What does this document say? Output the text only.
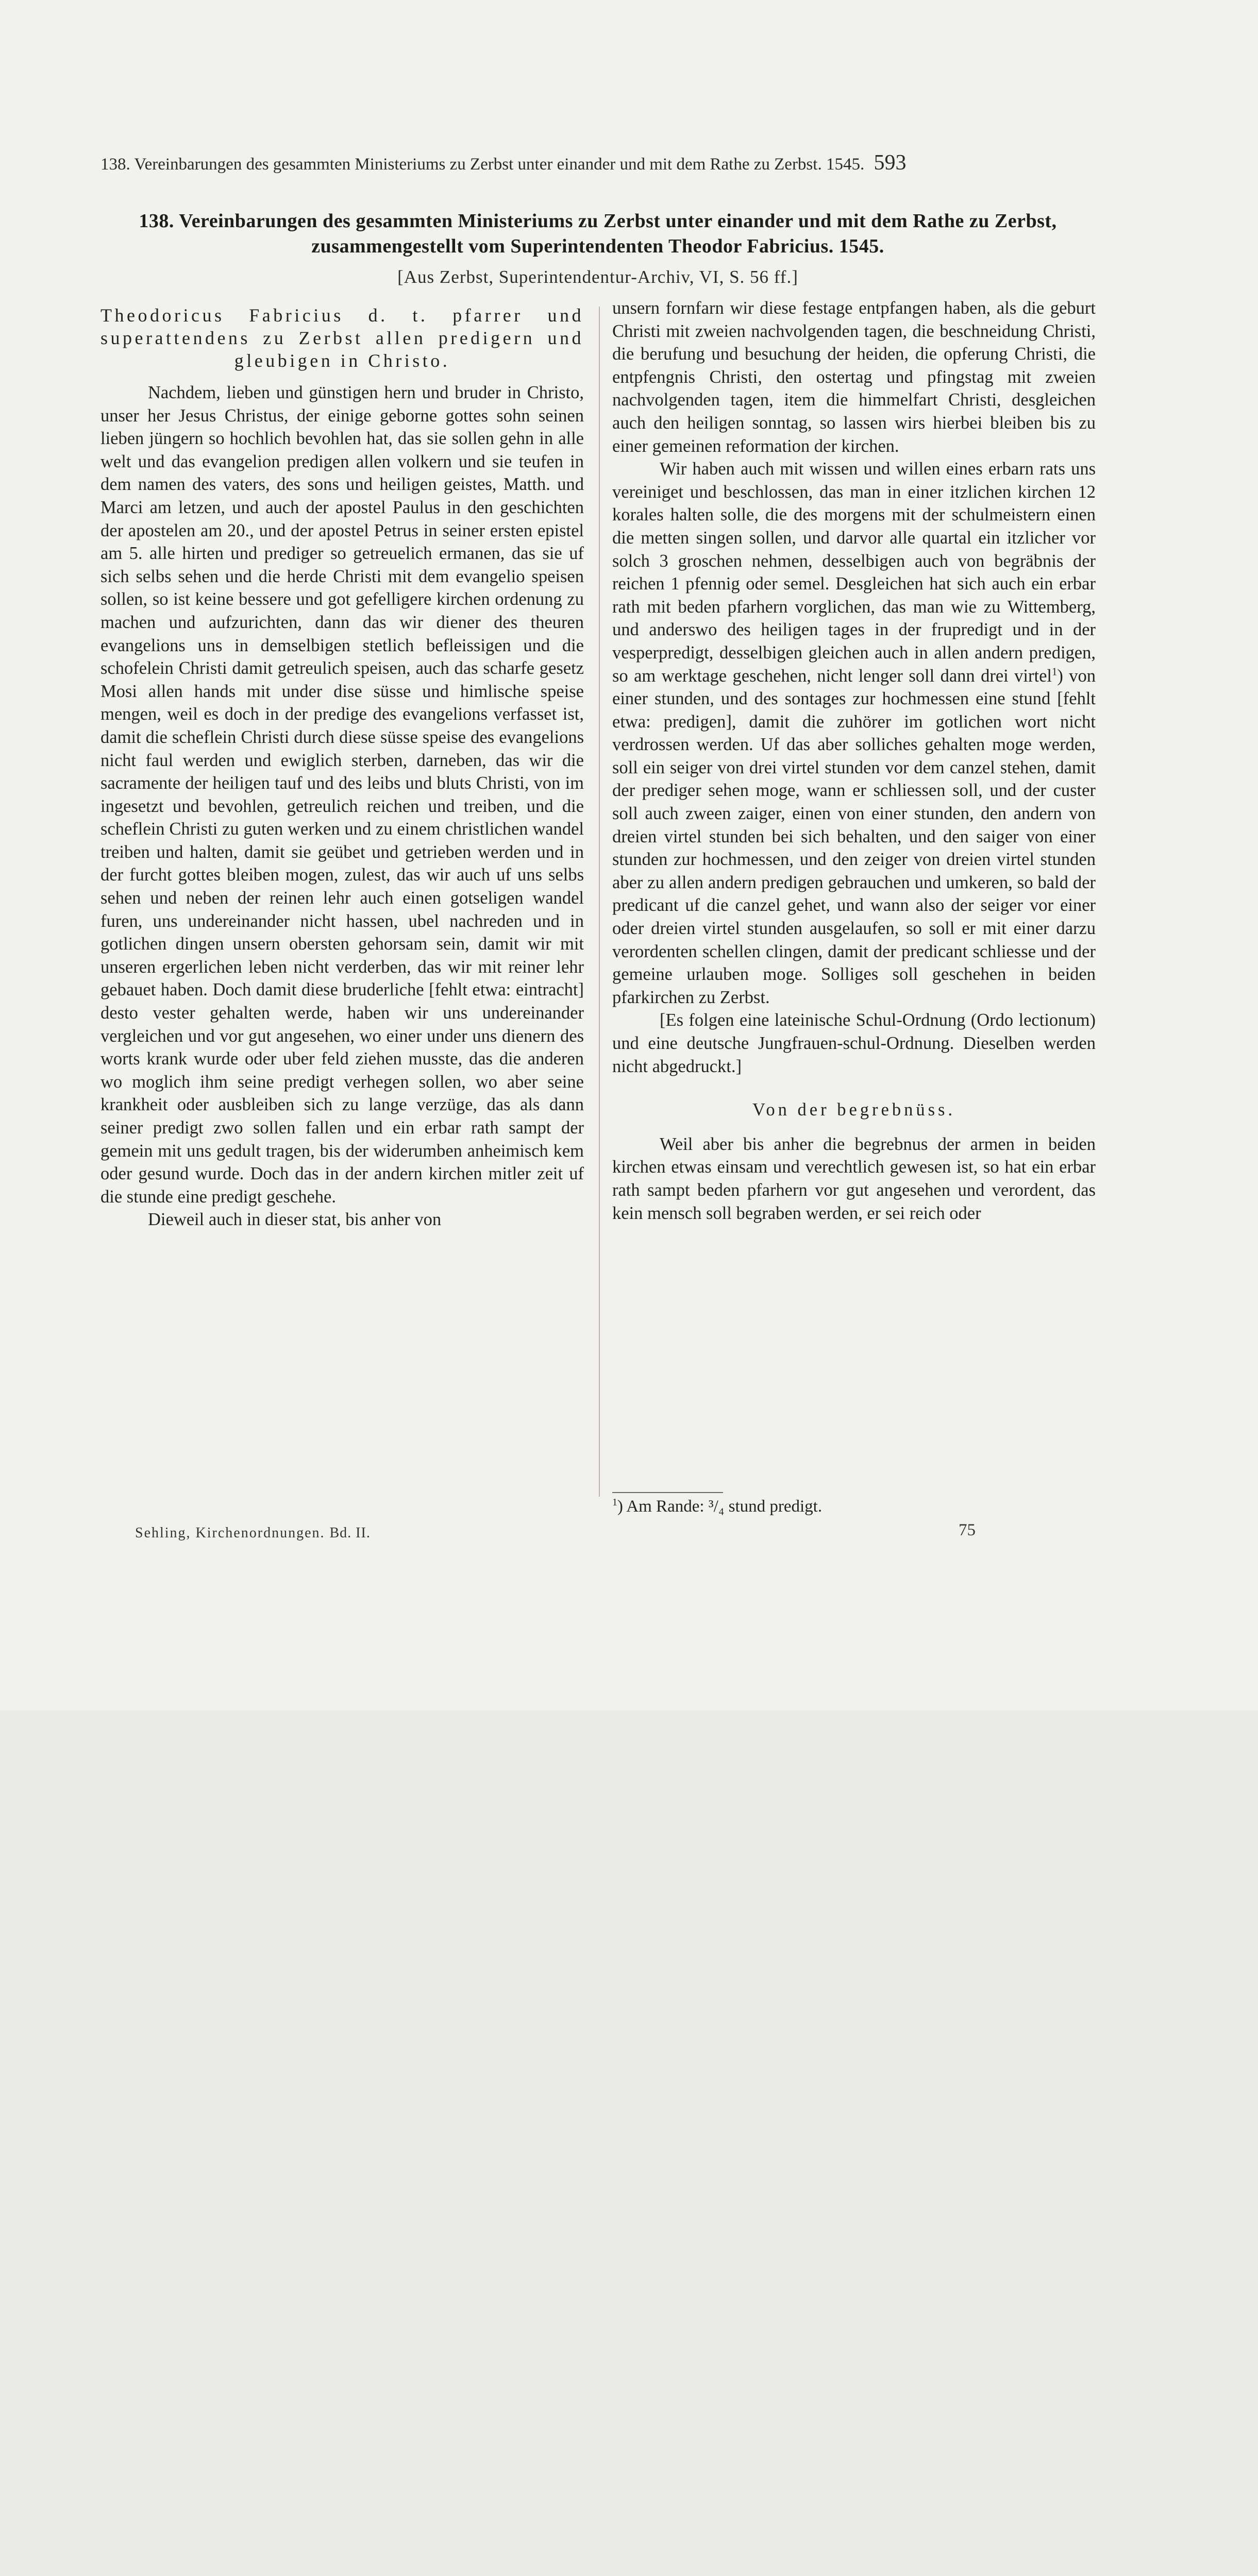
138. Vereinbarungen des gesammten Ministeriums zu Zerbst unter einander und mit dem Rathe zu Zerbst. 1545. 593
138. Vereinbarungen des gesammten Ministeriums zu Zerbst unter einander und mit dem Rathe zu Zerbst,
zusammengestellt vom Superintendenten Theodor Fabricius. 1545.
[Aus Zerbst, Superintendentur-Archiv, VI, S. 56 ff.]

Theodoricus Fabricius d. t. pfarrer und superattendens zu Zerbst allen predigern und gleubigen in Christo.

Nachdem, lieben und günstigen hern und bruder in Christo, unser her Jesus Christus, der einige geborne gottes sohn seinen lieben jüngern so hochlich bevohlen hat, das sie sollen gehn in alle welt und das evangelion predigen allen volkern und sie teufen in dem namen des vaters, des sons und heiligen geistes, Matth. und Marci am letzen, und auch der apostel Paulus in den geschichten der apostelen am 20., und der apostel Petrus in seiner ersten epistel am 5. alle hirten und prediger so getreuelich ermanen, das sie uf sich selbs sehen und die herde Christi mit dem evangelio speisen sollen, so ist keine bessere und got gefelligere kirchen ordenung zu machen und aufzurichten, dann das wir diener des theuren evangelions uns in demselbigen stetlich befleissigen und die schofelein Christi damit getreulich speisen, auch das scharfe gesetz Mosi allen hands mit under dise süsse und himlische speise mengen, weil es doch in der predige des evangelions verfasset ist, damit die scheflein Christi durch diese süsse speise des evangelions nicht faul werden und ewiglich sterben, darneben, das wir die sacramente der heiligen tauf und des leibs und bluts Christi, von im ingesetzt und bevohlen, getreulich reichen und treiben, und die scheflein Christi zu guten werken und zu einem christlichen wandel treiben und halten, damit sie geübet und getrieben werden und in der furcht gottes bleiben mogen, zulest, das wir auch uf uns selbs sehen und neben der reinen lehr auch einen gotseligen wandel furen, uns undereinander nicht hassen, ubel nachreden und in gotlichen dingen unsern obersten gehorsam sein, damit wir mit unseren ergerlichen leben nicht verderben, das wir mit reiner lehr gebauet haben. Doch damit diese bruderliche [fehlt etwa: eintracht] desto vester gehalten werde, haben wir uns undereinander vergleichen und vor gut angesehen, wo einer under uns dienern des worts krank wurde oder uber feld ziehen musste, das die anderen wo moglich ihm seine predigt verhegen sollen, wo aber seine krankheit oder ausbleiben sich zu lange verzüge, das als dann seiner predigt zwo sollen fallen und ein erbar rath sampt der gemein mit uns gedult tragen, bis der widerumben anheimisch kem oder gesund wurde. Doch das in der andern kirchen mitler zeit uf die stunde eine predigt geschehe.

Dieweil auch in dieser stat, bis anher von

unsern fornfarn wir diese festage entpfangen haben, als die geburt Christi mit zweien nachvolgenden tagen, die beschneidung Christi, die berufung und besuchung der heiden, die opferung Christi, die entpfengnis Christi, den ostertag und pfingstag mit zweien nachvolgenden tagen, item die himmelfart Christi, desgleichen auch den heiligen sonntag, so lassen wirs hierbei bleiben bis zu einer gemeinen reformation der kirchen.

Wir haben auch mit wissen und willen eines erbarn rats uns vereiniget und beschlossen, das man in einer itzlichen kirchen 12 korales halten solle, die des morgens mit der schulmeistern einen die metten singen sollen, und darvor alle quartal ein itzlicher vor solch 3 groschen nehmen, desselbigen auch von begräbnis der reichen 1 pfennig oder semel. Desgleichen hat sich auch ein erbar rath mit beden pfarhern vorglichen, das man wie zu Wittemberg, und anderswo des heiligen tages in der frupredigt und in der vesperpredigt, desselbigen gleichen auch in allen andern predigen, so am werktage geschehen, nicht lenger soll dann drei virtel$^1$) von einer stunden, und des sontages zur hochmessen eine stund [fehlt etwa: predigen], damit die zuhörer im gotlichen wort nicht verdrossen werden. Uf das aber solliches gehalten moge werden, soll ein seiger von drei virtel stunden vor dem canzel stehen, damit der prediger sehen moge, wann er schliessen soll, und der custer soll auch zween zaiger, einen von einer stunden, den andern von dreien virtel stunden bei sich behalten, und den saiger von einer stunden zur hochmessen, und den zeiger von dreien virtel stunden aber zu allen andern predigen gebrauchen und umkeren, so bald der predicant uf die canzel gehet, und wann also der seiger vor einer oder dreien virtel stunden ausgelaufen, so soll er mit einer darzu verordenten schellen clingen, damit der predicant schliesse und der gemeine urlauben moge. Solliges soll geschehen in beiden pfarkirchen zu Zerbst.

[Es folgen eine lateinische Schul-Ordnung (Ordo lectionum) und eine deutsche Jungfrauen-schul-Ordnung. Dieselben werden nicht abgedruckt.]

Von der begrebnüss.

Weil aber bis anher die begrebnus der armen in beiden kirchen etwas einsam und verechtlich gewesen ist, so hat ein erbar rath sampt beden pfarhern vor gut angesehen und verordent, das kein mensch soll begraben werden, er sei reich oder

$^1$) Am Rande: ³/₄ stund predigt.
Sehling, Kirchenordnungen. Bd. II.	75
